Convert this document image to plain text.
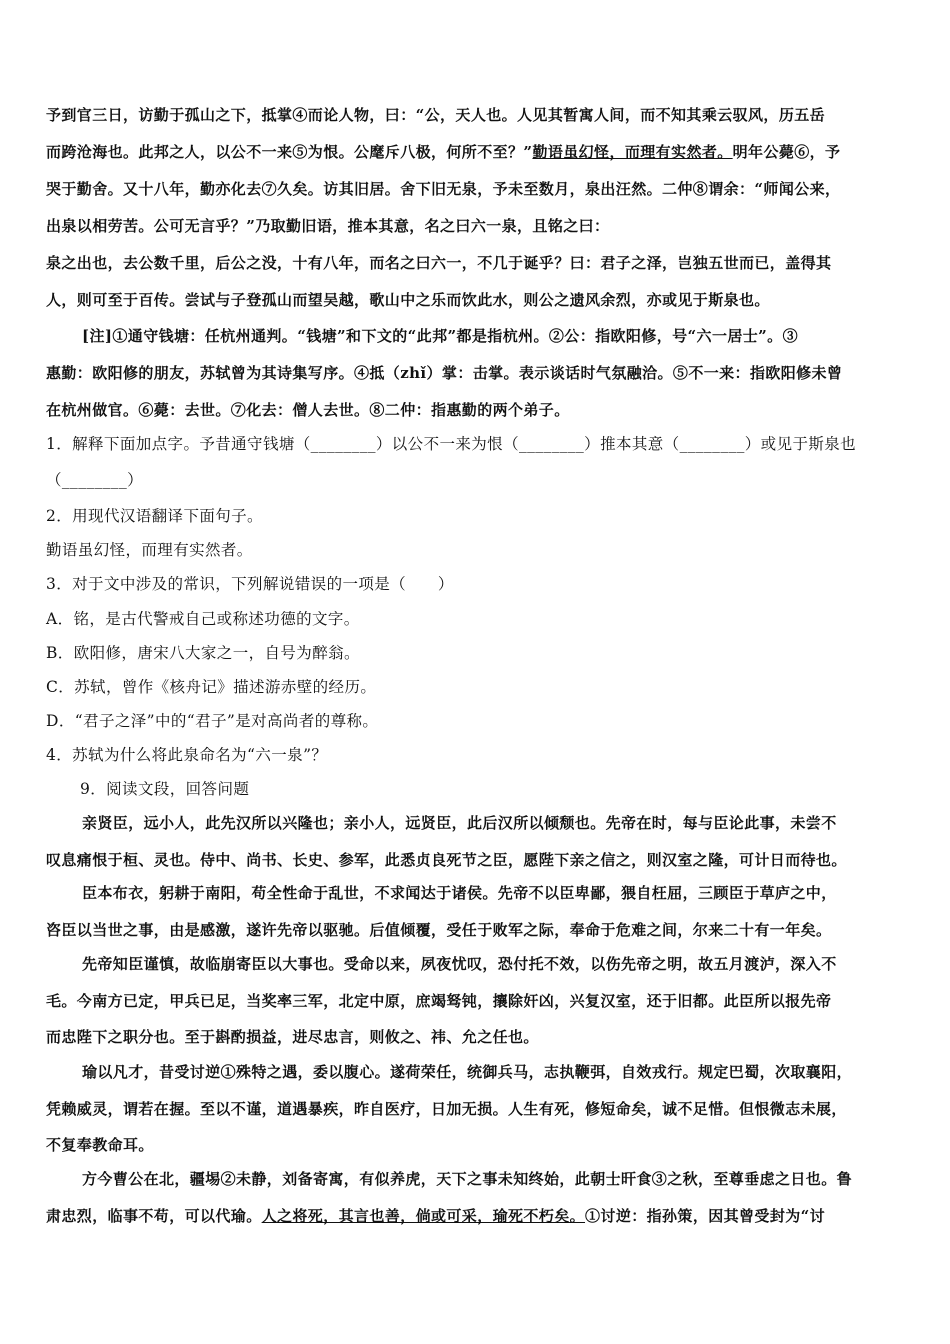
予到官三日，访勤于孤山之下，抵掌④而论人物，曰：“公，天人也。人见其暂寓人间，而不知其乘云驭风，历五岳
而跨沧海也。此邦之人，以公不一来⑤为恨。公麾斥八极，何所不至？”勤语虽幻怪，而理有实然者。明年公薨⑥，予
哭于勤舍。又十八年，勤亦化去⑦久矣。访其旧居。舍下旧无泉，予未至数月，泉出汪然。二仲⑧谓余：“师闻公来，
出泉以相劳苦。公可无言乎？”乃取勤旧语，推本其意，名之曰六一泉，且铭之曰：
泉之出也，去公数千里，后公之没，十有八年，而名之曰六一，不几于诞乎？曰：君子之泽，岂独五世而已，盖得其
人，则可至于百传。尝试与子登孤山而望吴越，歌山中之乐而饮此水，则公之遗风余烈，亦或见于斯泉也。
[注]①通守钱塘：任杭州通判。“钱塘”和下文的“此邦”都是指杭州。②公：指欧阳修，号“六一居士”。③
惠勤：欧阳修的朋友，苏轼曾为其诗集写序。④抵（zhǐ）掌：击掌。表示谈话时气氛融洽。⑤不一来：指欧阳修未曾
在杭州做官。⑥薨：去世。⑦化去：僧人去世。⑧二仲：指惠勤的两个弟子。
1．解释下面加点字。予昔通守钱塘（________）以公不一来为恨（________）推本其意（________）或见于斯泉也
（________）
2．用现代汉语翻译下面句子。
勤语虽幻怪，而理有实然者。
3．对于文中涉及的常识，下列解说错误的一项是（　　）
A．铭，是古代警戒自己或称述功德的文字。
B．欧阳修，唐宋八大家之一，自号为醉翁。
C．苏轼，曾作《核舟记》描述游赤壁的经历。
D．“君子之泽”中的“君子”是对高尚者的尊称。
4．苏轼为什么将此泉命名为“六一泉”？
9．阅读文段，回答问题
亲贤臣，远小人，此先汉所以兴隆也；亲小人，远贤臣，此后汉所以倾颓也。先帝在时，每与臣论此事，未尝不
叹息痛恨于桓、灵也。侍中、尚书、长史、参军，此悉贞良死节之臣，愿陛下亲之信之，则汉室之隆，可计日而待也。
臣本布衣，躬耕于南阳，苟全性命于乱世，不求闻达于诸侯。先帝不以臣卑鄙，猥自枉屈，三顾臣于草庐之中，
咨臣以当世之事，由是感激，遂许先帝以驱驰。后值倾覆，受任于败军之际，奉命于危难之间，尔来二十有一年矣。
先帝知臣谨慎，故临崩寄臣以大事也。受命以来，夙夜忧叹，恐付托不效，以伤先帝之明，故五月渡泸，深入不
毛。今南方已定，甲兵已足，当奖率三军，北定中原，庶竭驽钝，攘除奸凶，兴复汉室，还于旧都。此臣所以报先帝
而忠陛下之职分也。至于斟酌损益，进尽忠言，则攸之、祎、允之任也。
瑜以凡才，昔受讨逆①殊特之遇，委以腹心。遂荷荣任，统御兵马，志执鞭弭，自效戎行。规定巴蜀，次取襄阳，
凭赖威灵，谓若在握。至以不谨，道遇暴疾，昨自医疗，日加无损。人生有死，修短命矣，诚不足惜。但恨微志未展，
不复奉教命耳。
方今曹公在北，疆埸②未静，刘备寄寓，有似养虎，天下之事未知终始，此朝士旰食③之秋，至尊垂虑之日也。鲁
肃忠烈，临事不苟，可以代瑜。人之将死，其言也善，倘或可采，瑜死不朽矣。①讨逆：指孙策，因其曾受封为“讨
